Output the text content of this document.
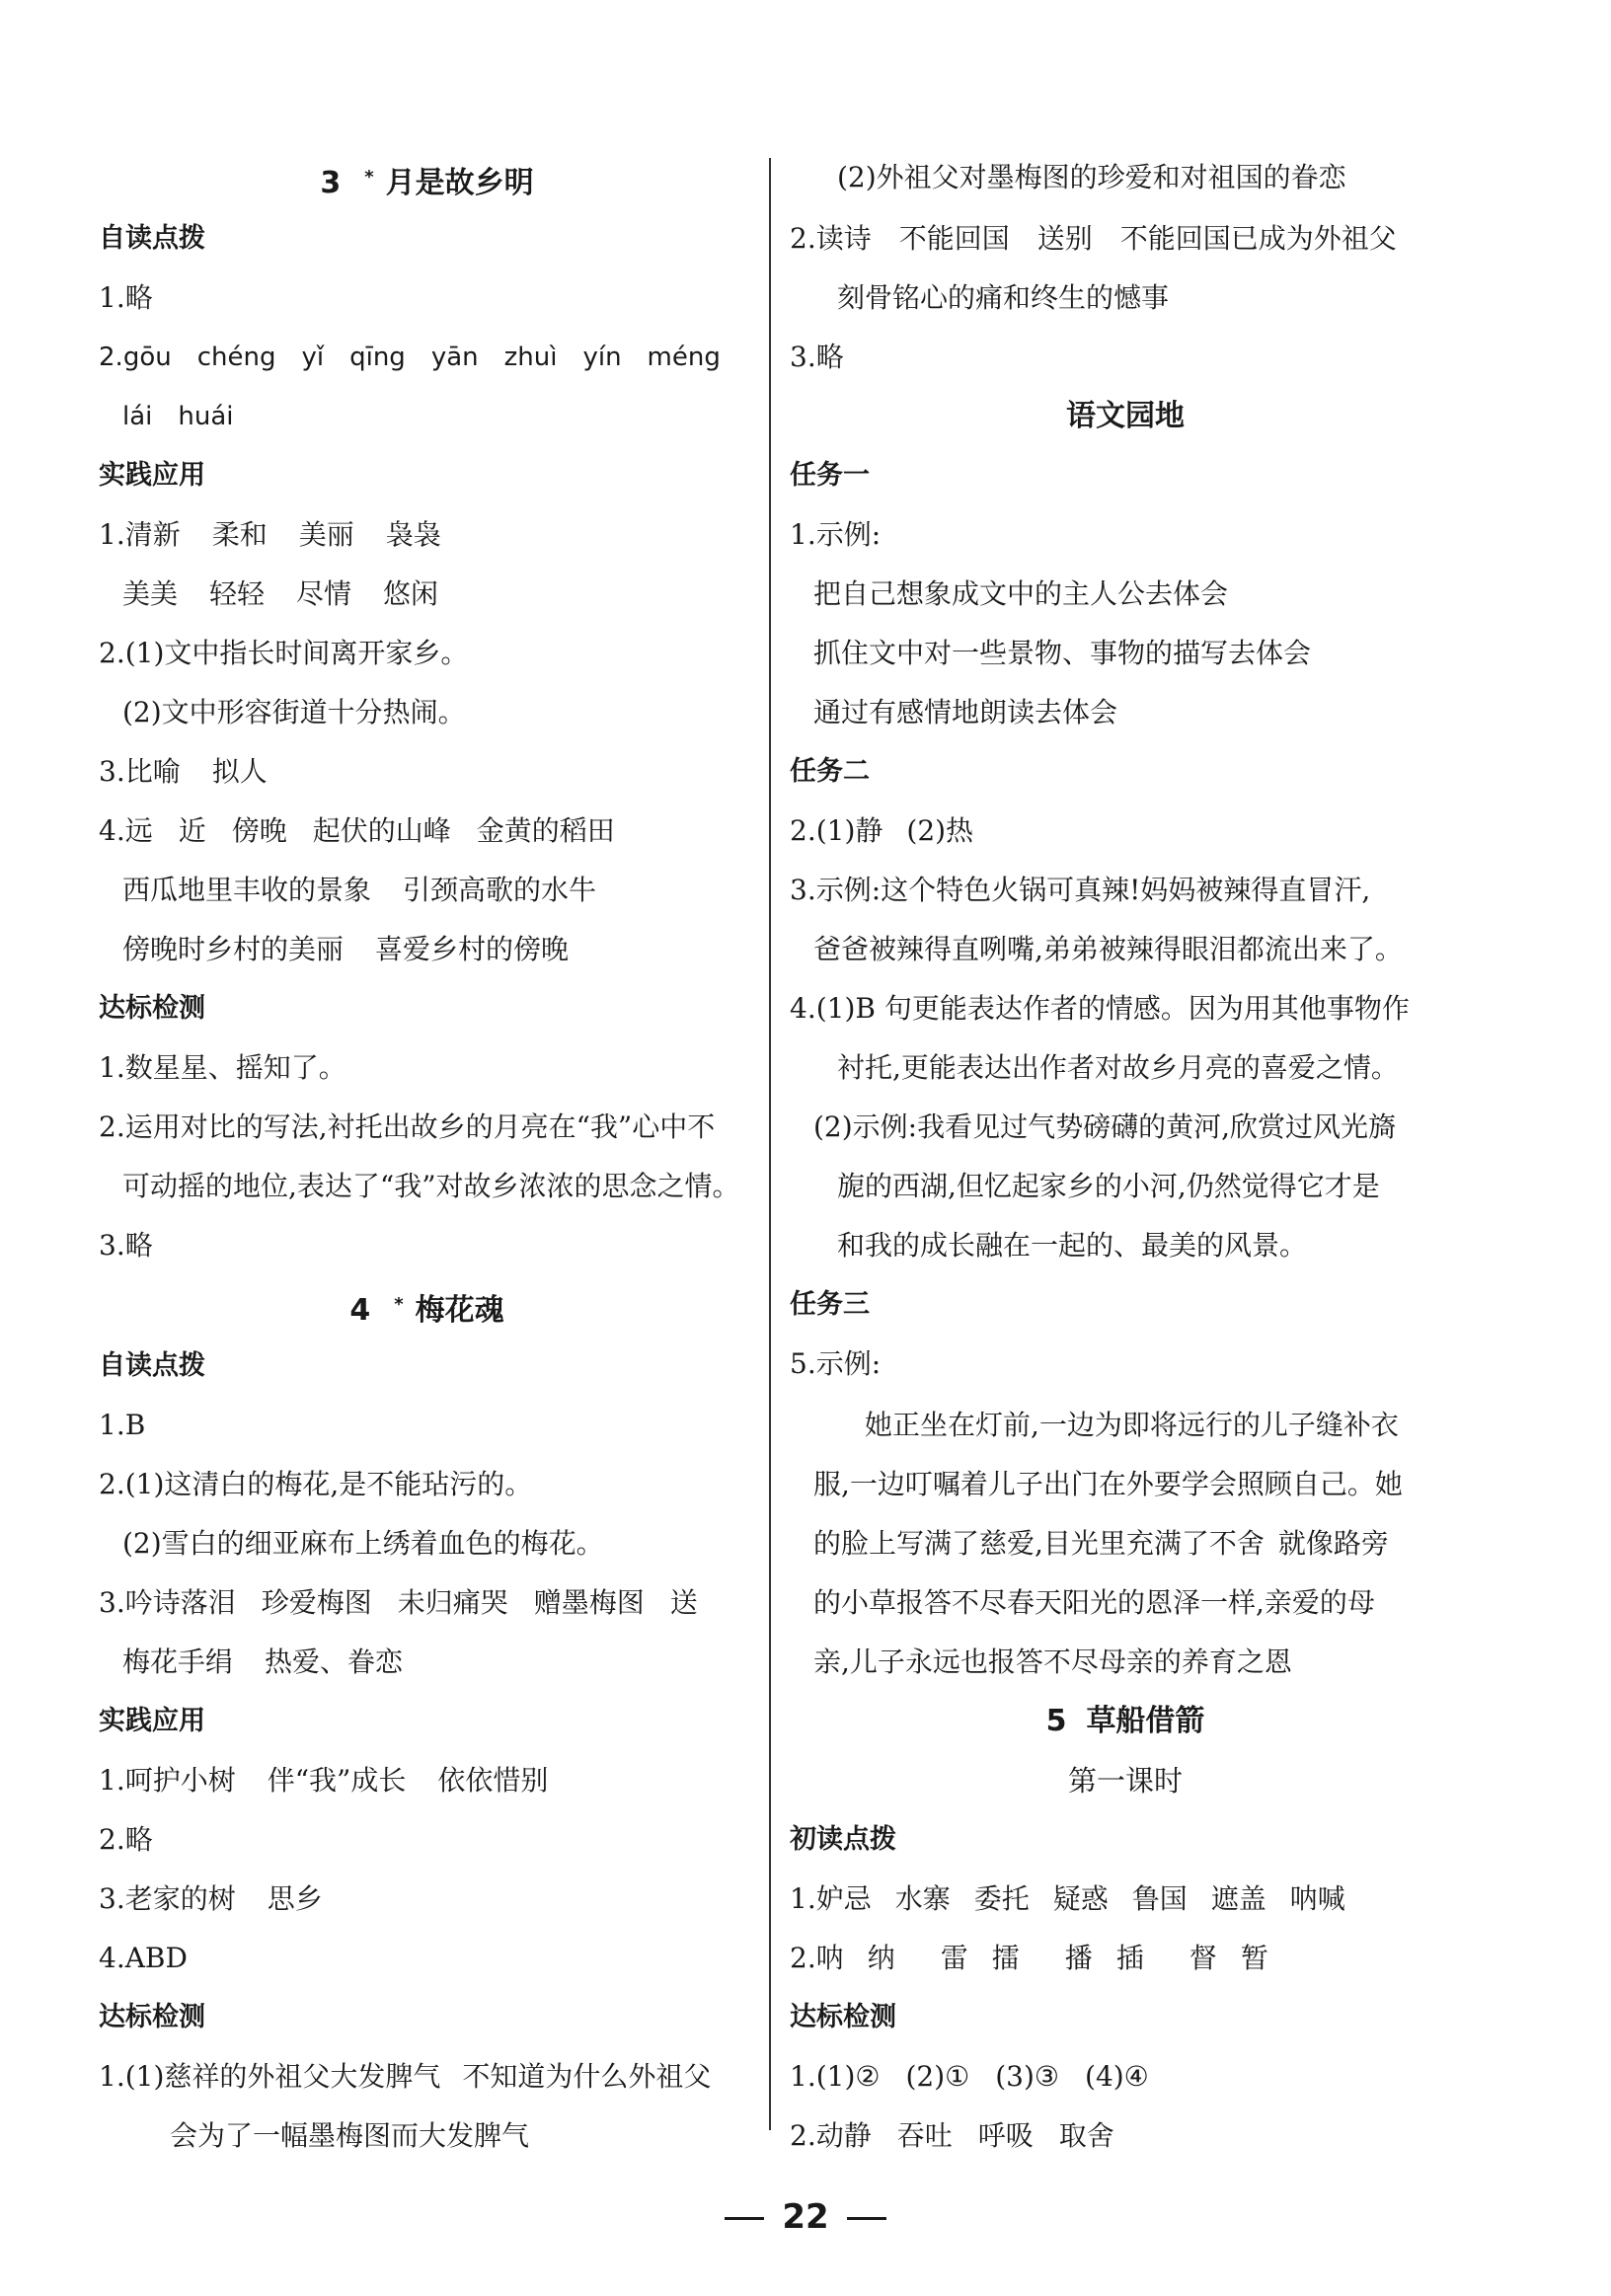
3 * 月是故乡明
自读点拨
1.略
2.gōu chéng yǐ qīng yān zhuì yín méng
lái huái
实践应用
1.清新 柔和 美丽 袅袅
美美 轻轻 尽情 悠闲
2.(1)文中指长时间离开家乡。
(2)文中形容街道十分热闹。
3.比喻 拟人
4.远 近 傍晚 起伏的山峰 金黄的稻田
西瓜地里丰收的景象 引颈高歌的水牛
傍晚时乡村的美丽 喜爱乡村的傍晚
达标检测
1.数星星、摇知了。
2.运用对比的写法,衬托出故乡的月亮在“我”心中不
可动摇的地位,表达了“我”对故乡浓浓的思念之情。
3.略
4 * 梅花魂
自读点拨
1.B
2.(1)这清白的梅花,是不能玷污的。
(2)雪白的细亚麻布上绣着血色的梅花。
3.吟诗落泪 珍爱梅图 未归痛哭 赠墨梅图 送
梅花手绢 热爱、眷恋
实践应用
1.呵护小树 伴“我”成长 依依惜别
2.略
3.老家的树 思乡
4.ABD
达标检测
1.(1)慈祥的外祖父大发脾气 不知道为什么外祖父
会为了一幅墨梅图而大发脾气
(2)外祖父对墨梅图的珍爱和对祖国的眷恋
2.读诗 不能回国 送别 不能回国已成为外祖父
刻骨铭心的痛和终生的憾事
3.略
语文园地
任务一
1.示例:
把自己想象成文中的主人公去体会
抓住文中对一些景物、事物的描写去体会
通过有感情地朗读去体会
任务二
2.(1)静 (2)热
3.示例:这个特色火锅可真辣!妈妈被辣得直冒汗,
爸爸被辣得直咧嘴,弟弟被辣得眼泪都流出来了。
4.(1)B 句更能表达作者的情感。因为用其他事物作
衬托,更能表达出作者对故乡月亮的喜爱之情。
(2)示例:我看见过气势磅礴的黄河,欣赏过风光旖
旎的西湖,但忆起家乡的小河,仍然觉得它才是
和我的成长融在一起的、最美的风景。
任务三
5.示例:
她正坐在灯前,一边为即将远行的儿子缝补衣
服,一边叮嘱着儿子出门在外要学会照顾自己。她
的脸上写满了慈爱,目光里充满了不舍 就像路旁
的小草报答不尽春天阳光的恩泽一样,亲爱的母
亲,儿子永远也报答不尽母亲的养育之恩
5 草船借箭
第一课时
初读点拨
1.妒忌 水寨 委托 疑惑 鲁国 遮盖 呐喊
2.呐 纳 雷 擂 播 插 督 暂
达标检测
1.(1)② (2)① (3)③ (4)④
2.动静 吞吐 呼吸 取舍
22
